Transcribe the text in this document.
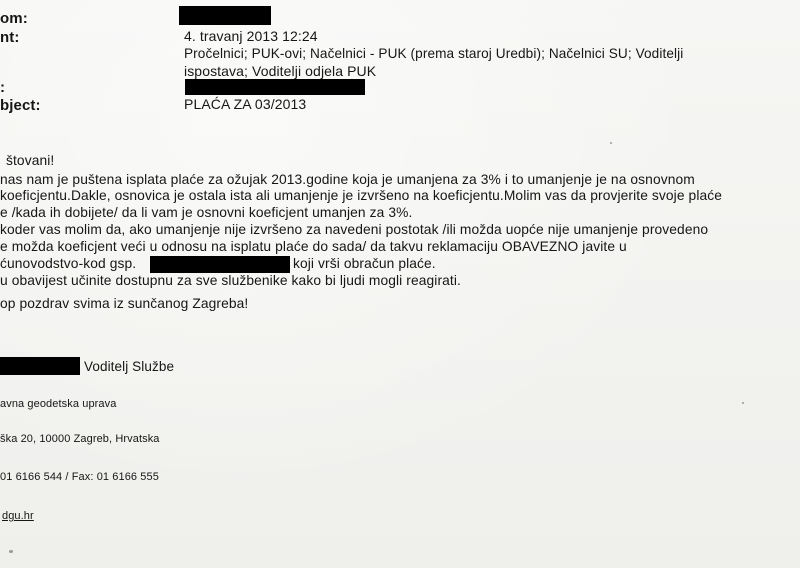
om:
nt:	4. travanj 2013 12:24
Pročelnici; PUK-ovi; Načelnici - PUK (prema staroj Uredbi); Načelnici SU; Voditelji
ispostava; Voditelji odjela PUK
:
bject:	PLAĆA ZA 03/2013
štovani!
nas nam je puštena isplata plaće za ožujak 2013.godine koja je umanjena za 3% i to umanjenje je na osnovnom
koeficjentu.Dakle, osnovica je ostala ista ali umanjenje je izvršeno na koeficjentu.Molim vas da provjerite svoje plaće
e /kada ih dobijete/ da li vam je osnovni koeficjent umanjen za 3%.
koder vas molim da, ako umanjenje nije izvršeno za navedeni postotak /ili možda uopće nije umanjenje provedeno
e možda koeficjent veći u odnosu na isplatu plaće do sada/ da takvu reklamaciju OBAVEZNO javite u
ćunovodstvo-kod gsp.	koji vrši obračun plaće.
u obavijest učinite dostupnu za sve službenike kako bi ljudi mogli reagirati.
op pozdrav svima iz sunčanog Zagreba!
Voditelj Službe
avna geodetska uprava
ška 20, 10000 Zagreb, Hrvatska
01 6166 544 / Fax: 01 6166 555
dgu.hr
